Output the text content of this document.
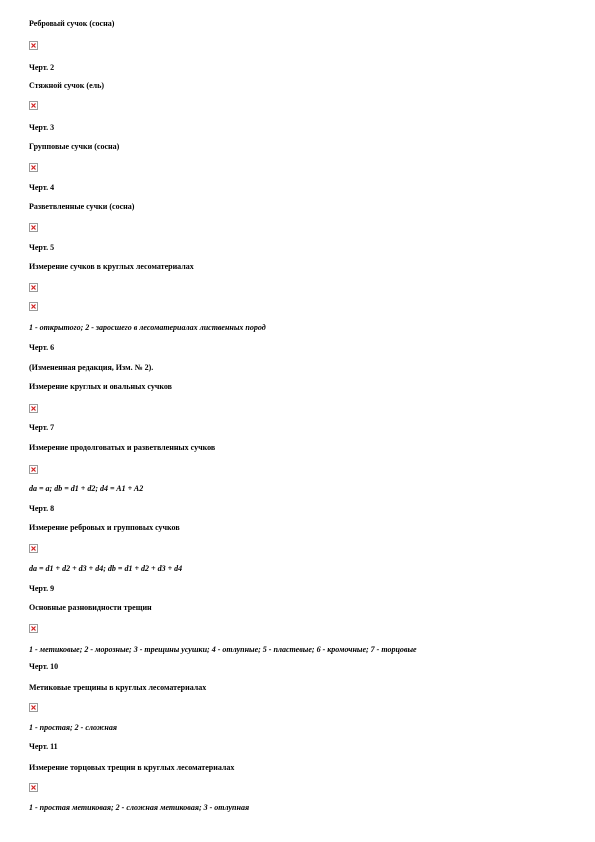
Ребровый сучок (сосна)
Черт. 2
Стяжной сучок (ель)
Черт. 3
Групповые сучки (сосна)
Черт. 4
Разветвленные сучки (сосна)
Черт. 5
Измерение сучков в круглых лесоматериалах
1 - открытого; 2 - заросшего в лесоматериалах лиственных пород
Черт. 6
(Измененная редакция, Изм. № 2).
Измерение круглых и овальных сучков
Черт. 7
Измерение продолговатых и разветвленных сучков
da = a; db = d1 + d2; d4 = A1 + A2
Черт. 8
Измерение ребровых и групповых сучков
da = d1 + d2 + d3 + d4; db = d1 + d2 + d3 + d4
Черт. 9
Основные разновидности трещин
1 - метиковые; 2 - морозные; 3 - трещины усушки; 4 - отлупные; 5 - пластевые; 6 - кромочные; 7 - торцовые
Черт. 10
Метиковые трещины в круглых лесоматериалах
1 - простая; 2 - сложная
Черт. 11
Измерение торцовых трещин в круглых лесоматериалах
1 - простая метиковая; 2 - сложная метиковая; 3 - отлупная
